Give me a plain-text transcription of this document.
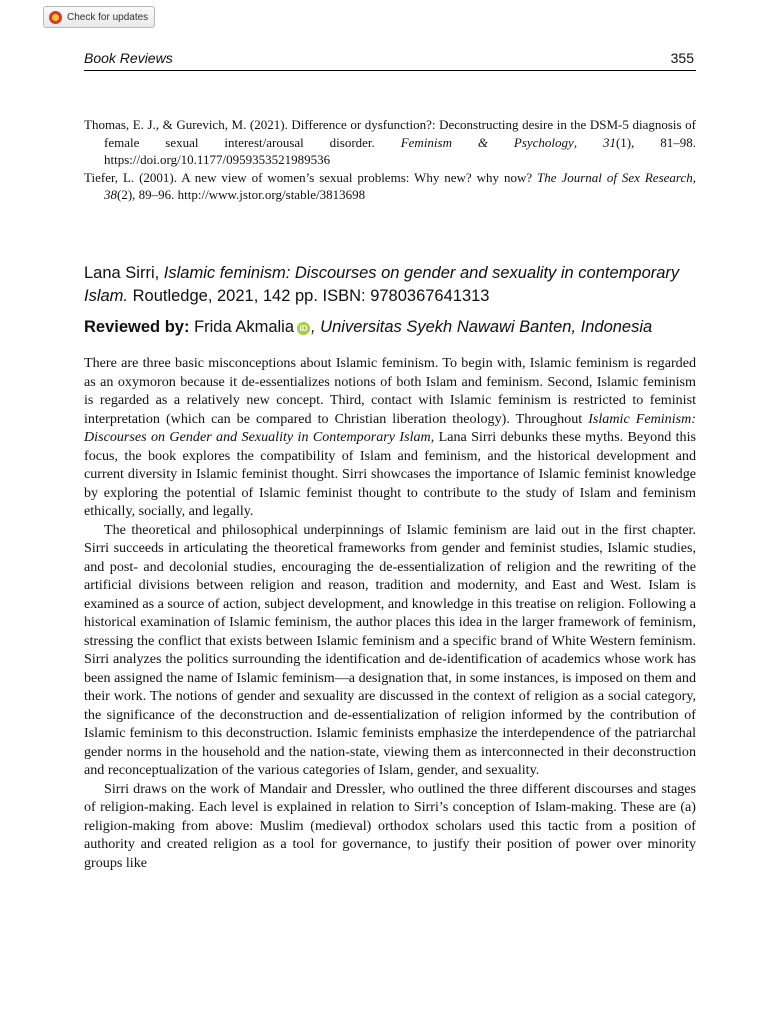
Check for updates
Book Reviews	355
Thomas, E. J., & Gurevich, M. (2021). Difference or dysfunction?: Deconstructing desire in the DSM-5 diagnosis of female sexual interest/arousal disorder. Feminism & Psychology, 31(1), 81–98. https://doi.org/10.1177/0959353521989536
Tiefer, L. (2001). A new view of women’s sexual problems: Why new? why now? The Journal of Sex Research, 38(2), 89–96. http://www.jstor.org/stable/3813698
Lana Sirri, Islamic feminism: Discourses on gender and sexuality in contemporary Islam. Routledge, 2021, 142 pp. ISBN: 9780367641313
Reviewed by: Frida Akmalia iD , Universitas Syekh Nawawi Banten, Indonesia

There are three basic misconceptions about Islamic feminism. To begin with, Islamic feminism is regarded as an oxymoron because it de-essentializes notions of both Islam and feminism. Second, Islamic feminism is regarded as a relatively new concept. Third, contact with Islamic feminism is restricted to feminist interpretation (which can be compared to Christian liberation theology). Throughout Islamic Feminism: Discourses on Gender and Sexuality in Contemporary Islam, Lana Sirri debunks these myths. Beyond this focus, the book explores the compatibility of Islam and feminism, and the historical development and current diversity in Islamic feminist thought. Sirri showcases the importance of Islamic feminist knowledge by exploring the potential of Islamic feminist thought to contribute to the study of Islam and feminism ethically, socially, and legally.

The theoretical and philosophical underpinnings of Islamic feminism are laid out in the first chapter. Sirri succeeds in articulating the theoretical frameworks from gender and feminist studies, Islamic studies, and post- and decolonial studies, encouraging the de-essentialization of religion and the rewriting of the artificial divisions between religion and reason, tradition and modernity, and East and West. Islam is examined as a source of action, subject development, and knowledge in this treatise on religion. Following a historical examination of Islamic feminism, the author places this idea in the larger framework of feminism, stressing the conflict that exists between Islamic feminism and a specific brand of White Western feminism. Sirri analyzes the politics surrounding the identification and de-identification of academics whose work has been assigned the name of Islamic feminism—a designation that, in some instances, is imposed on them and their work. The notions of gender and sexuality are discussed in the context of religion as a social category, the significance of the deconstruction and de-essentialization of religion informed by the contribution of Islamic feminism to this deconstruction. Islamic feminists emphasize the interdependence of the patriarchal gender norms in the household and the nation-state, viewing them as interconnected in their deconstruction and reconceptualization of the various categories of Islam, gender, and sexuality.

Sirri draws on the work of Mandair and Dressler, who outlined the three different discourses and stages of religion-making. Each level is explained in relation to Sirri’s conception of Islam-making. These are (a) religion-making from above: Muslim (medieval) orthodox scholars used this tactic from a position of authority and created religion as a tool for governance, to justify their position of power over minority groups like
